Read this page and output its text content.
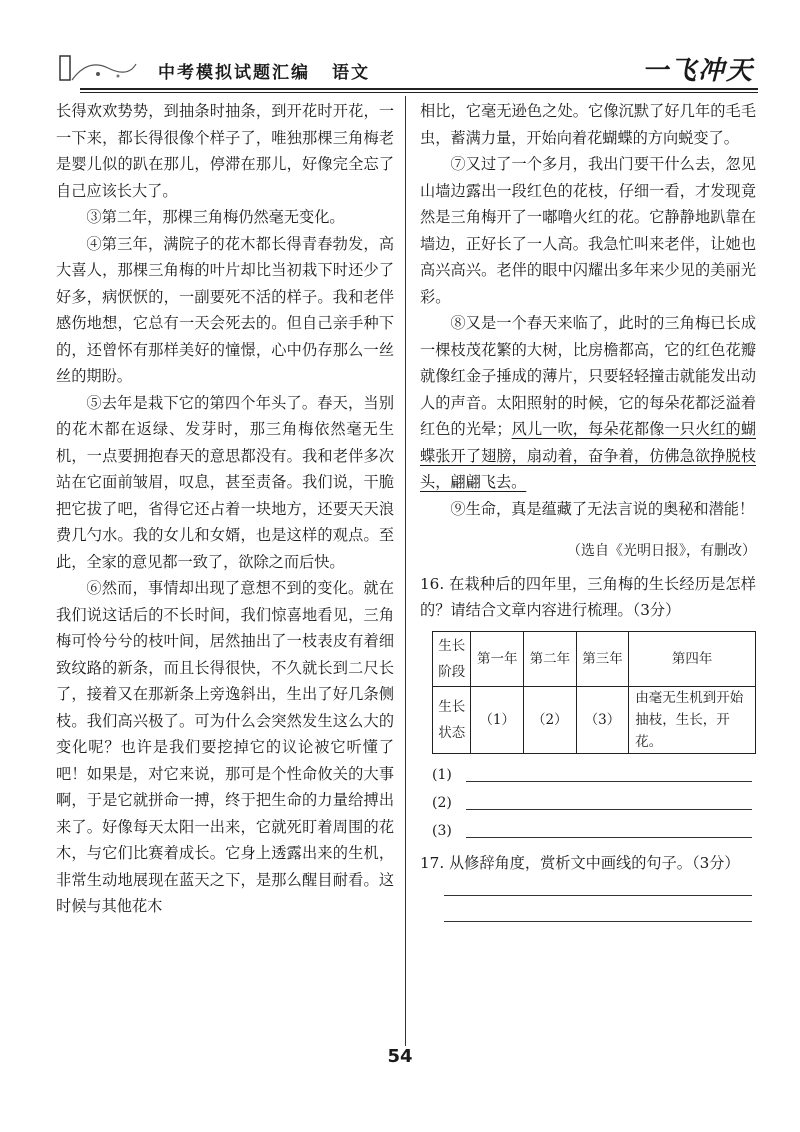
中考模拟试题汇编 语文	一飞冲天

长得欢欢势势，到抽条时抽条，到开花时开花，一一下来，都长得很像个样子了，唯独那棵三角梅老是婴儿似的趴在那儿，停滞在那儿，好像完全忘了自己应该长大了。

③第二年，那棵三角梅仍然毫无变化。

④第三年，满院子的花木都长得青春勃发，高大喜人，那棵三角梅的叶片却比当初栽下时还少了好多，病恹恹的，一副要死不活的样子。我和老伴感伤地想，它总有一天会死去的。但自己亲手种下的，还曾怀有那样美好的憧憬，心中仍存那么一丝丝的期盼。

⑤去年是栽下它的第四个年头了。春天，当别的花木都在返绿、发芽时，那三角梅依然毫无生机，一点要拥抱春天的意思都没有。我和老伴多次站在它面前皱眉，叹息，甚至责备。我们说，干脆把它拔了吧，省得它还占着一块地方，还要天天浪费几勺水。我的女儿和女婿，也是这样的观点。至此，全家的意见都一致了，欲除之而后快。

⑥然而，事情却出现了意想不到的变化。就在我们说这话后的不长时间，我们惊喜地看见，三角梅可怜兮兮的枝叶间，居然抽出了一枝表皮有着细致纹路的新条，而且长得很快，不久就长到二尺长了，接着又在那新条上旁逸斜出，生出了好几条侧枝。我们高兴极了。可为什么会突然发生这么大的变化呢？也许是我们要挖掉它的议论被它听懂了吧！如果是，对它来说，那可是个性命攸关的大事啊，于是它就拼命一搏，终于把生命的力量给搏出来了。好像每天太阳一出来，它就死盯着周围的花木，与它们比赛着成长。它身上透露出来的生机，非常生动地展现在蓝天之下，是那么醒目耐看。这时候与其他花木

相比，它毫无逊色之处。它像沉默了好几年的毛毛虫，蓄满力量，开始向着花蝴蝶的方向蜕变了。

⑦又过了一个多月，我出门要干什么去，忽见山墙边露出一段红色的花枝，仔细一看，才发现竟然是三角梅开了一嘟噜火红的花。它静静地趴靠在墙边，正好长了一人高。我急忙叫来老伴，让她也高兴高兴。老伴的眼中闪耀出多年来少见的美丽光彩。

⑧又是一个春天来临了，此时的三角梅已长成一棵枝茂花繁的大树，比房檐都高，它的红色花瓣就像红金子捶成的薄片，只要轻轻撞击就能发出动人的声音。太阳照射的时候，它的每朵花都泛溢着红色的光晕；风儿一吹，每朵花都像一只火红的蝴蝶张开了翅膀，扇动着，奋争着，仿佛急欲挣脱枝头，翩翩飞去。

⑨生命，真是蕴藏了无法言说的奥秘和潜能！

（选自《光明日报》，有删改）

16. 在栽种后的四年里，三角梅的生长经历是怎样的？请结合文章内容进行梳理。（3分）

生长阶段	第一年	第二年	第三年	第四年
生长状态	（1）	（2）	（3）	由毫无生机到开始抽枝，生长，开花。
(1)
(2)
(3)

17. 从修辞角度，赏析文中画线的句子。（3分）

54
